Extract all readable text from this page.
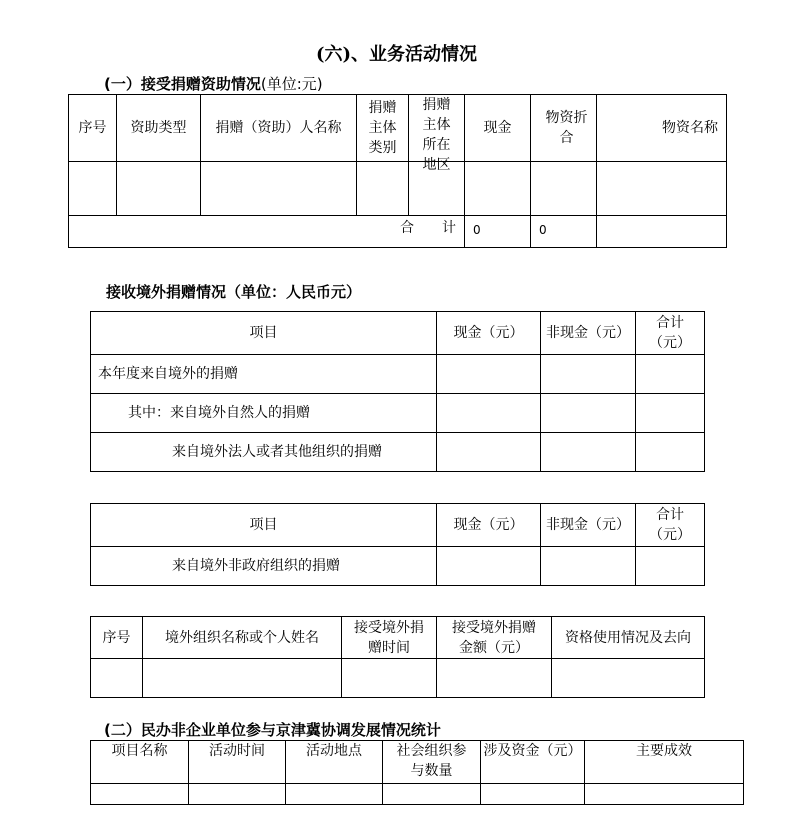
(六)、业务活动情况
(一）接受捐赠资助情况(单位:元)
序号	资助类型	捐赠（资助）人名称	捐赠主体类别	捐赠主体所在地区	现金	物资折合	物资名称

合　　计					0	0	
接收境外捐赠情况（单位：人民币元）
项目	现金（元）	非现金（元）	合计（元）
本年度来自境外的捐赠			
其中：来自境外自然人的捐赠			
来自境外法人或者其他组织的捐赠			
项目	现金（元）	非现金（元）	合计（元）
来自境外非政府组织的捐赠			
序号	境外组织名称或个人姓名	接受境外捐赠时间	接受境外捐赠金额（元）	资格使用情况及去向

(二）民办非企业单位参与京津冀协调发展情况统计
项目名称	活动时间	活动地点	社会组织参与数量	涉及资金（元）	主要成效
